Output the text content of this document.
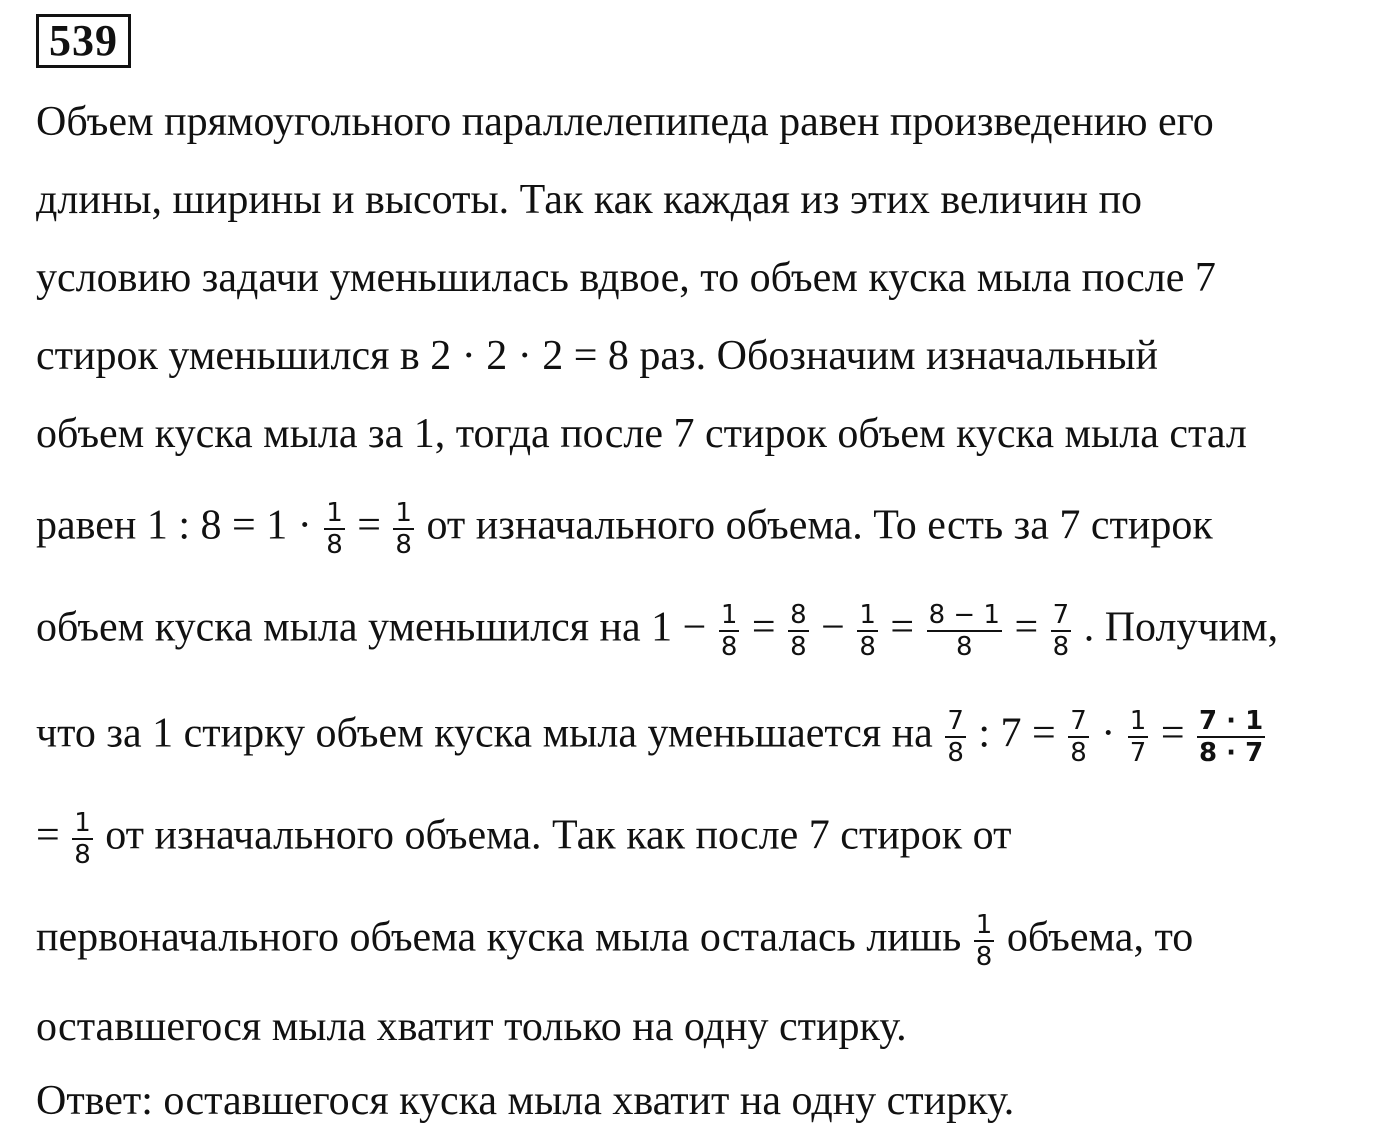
539
Объем прямоугольного параллелепипеда равен произведению его
длины, ширины и высоты. Так как каждая из этих величин по
условию задачи уменьшилась вдвое, то объем куска мыла после 7
стирок уменьшился в 2 · 2 · 2 = 8 раз. Обозначим изначальный
объем куска мыла за 1, тогда после 7 стирок объем куска мыла стал
равен 1 : $8 = 1 \cdot \frac{1}{8} = \frac{1}{8}$ от изначального объема. То есть за 7 стирок
объем куска мыла уменьшился на $1 - \frac{1}{8} = \frac{8}{8} - \frac{1}{8} = \frac{8 - 1}{8} = \frac{7}{8}$ . Получим,
что за 1 стирку объем куска мыла уменьшается на $\frac{7}{8}$ : $7 = \frac{7}{8} \cdot \frac{1}{7} = \frac{7 \cdot 1}{8 \cdot 7}$
= $\frac{1}{8}$ от изначального объема. Так как после 7 стирок от
первоначального объема куска мыла осталась лишь $\frac{1}{8}$ объема, то
оставшегося мыла хватит только на одну стирку.
Ответ: оставшегося куска мыла хватит на одну стирку.
